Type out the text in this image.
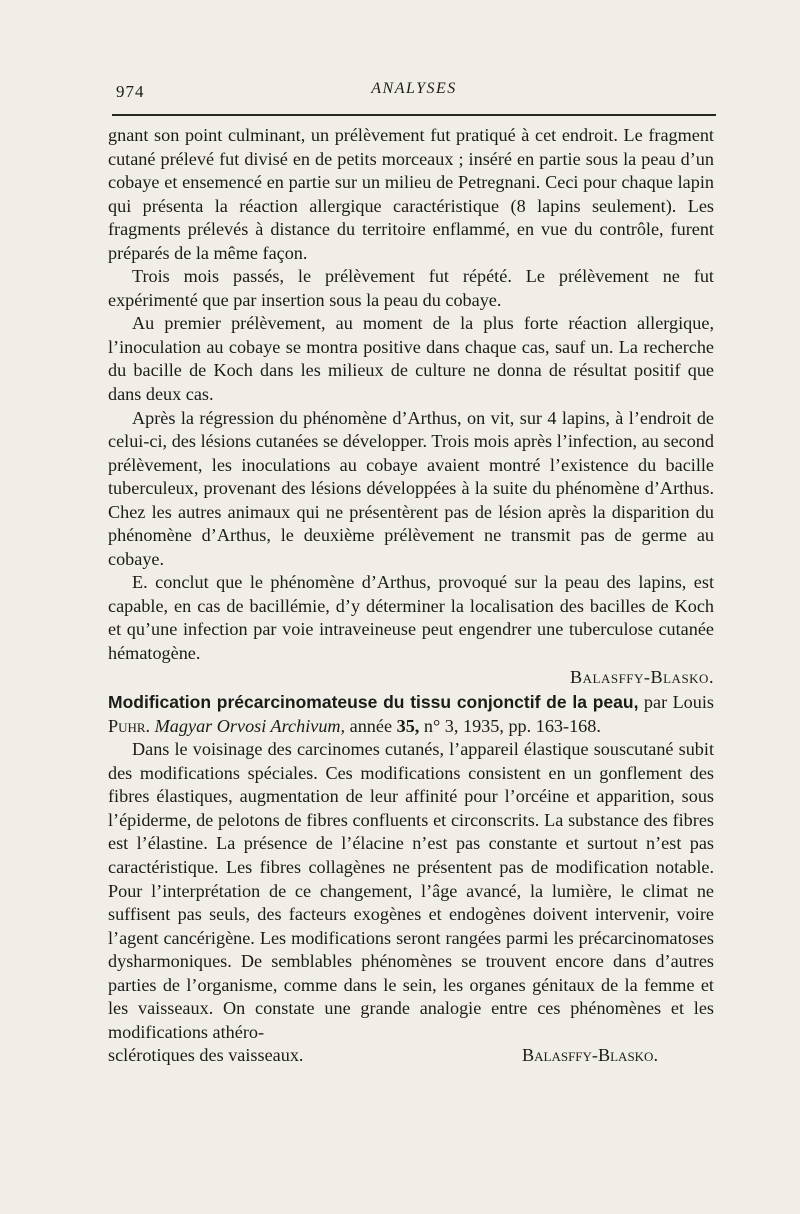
974	ANALYSES

gnant son point culminant, un prélèvement fut pratiqué à cet endroit. Le fragment cutané prélevé fut divisé en de petits morceaux ; inséré en partie sous la peau d’un cobaye et ensemencé en partie sur un milieu de Petregnani. Ceci pour chaque lapin qui présenta la réaction allergique caractéristique (8 lapins seulement). Les fragments prélevés à distance du territoire enflammé, en vue du contrôle, furent préparés de la même façon.

Trois mois passés, le prélèvement fut répété. Le prélèvement ne fut expérimenté que par insertion sous la peau du cobaye.

Au premier prélèvement, au moment de la plus forte réaction allergique, l’inoculation au cobaye se montra positive dans chaque cas, sauf un. La recherche du bacille de Koch dans les milieux de culture ne donna de résultat positif que dans deux cas.

Après la régression du phénomène d’Arthus, on vit, sur 4 lapins, à l’endroit de celui-ci, des lésions cutanées se développer. Trois mois après l’infection, au second prélèvement, les inoculations au cobaye avaient montré l’existence du bacille tuberculeux, provenant des lésions développées à la suite du phénomène d’Arthus. Chez les autres animaux qui ne présentèrent pas de lésion après la disparition du phénomène d’Arthus, le deuxième prélèvement ne transmit pas de germe au cobaye.

E. conclut que le phénomène d’Arthus, provoqué sur la peau des lapins, est capable, en cas de bacillémie, d’y déterminer la localisation des bacilles de Koch et qu’une infection par voie intraveineuse peut engendrer une tuberculose cutanée hématogène.

Balasffy-Blasko.

Modification précarcinomateuse du tissu conjonctif de la peau, par Louis Puhr. Magyar Orvosi Archivum, année 35, n° 3, 1935, pp. 163-168.

Dans le voisinage des carcinomes cutanés, l’appareil élastique souscutané subit des modifications spéciales. Ces modifications consistent en un gonflement des fibres élastiques, augmentation de leur affinité pour l’orcéine et apparition, sous l’épiderme, de pelotons de fibres confluents et circonscrits. La substance des fibres est l’élastine. La présence de l’élacine n’est pas constante et surtout n’est pas caractéristique. Les fibres collagènes ne présentent pas de modification notable. Pour l’interprétation de ce changement, l’âge avancé, la lumière, le climat ne suffisent pas seuls, des facteurs exogènes et endogènes doivent intervenir, voire l’agent cancérigène. Les modifications seront rangées parmi les précarcinomatoses dysharmoniques. De semblables phénomènes se trouvent encore dans d’autres parties de l’organisme, comme dans le sein, les organes génitaux de la femme et les vaisseaux. On constate une grande analogie entre ces phénomènes et les modifications athéro-

sclérotiques des vaisseaux.	Balasffy-Blasko.
